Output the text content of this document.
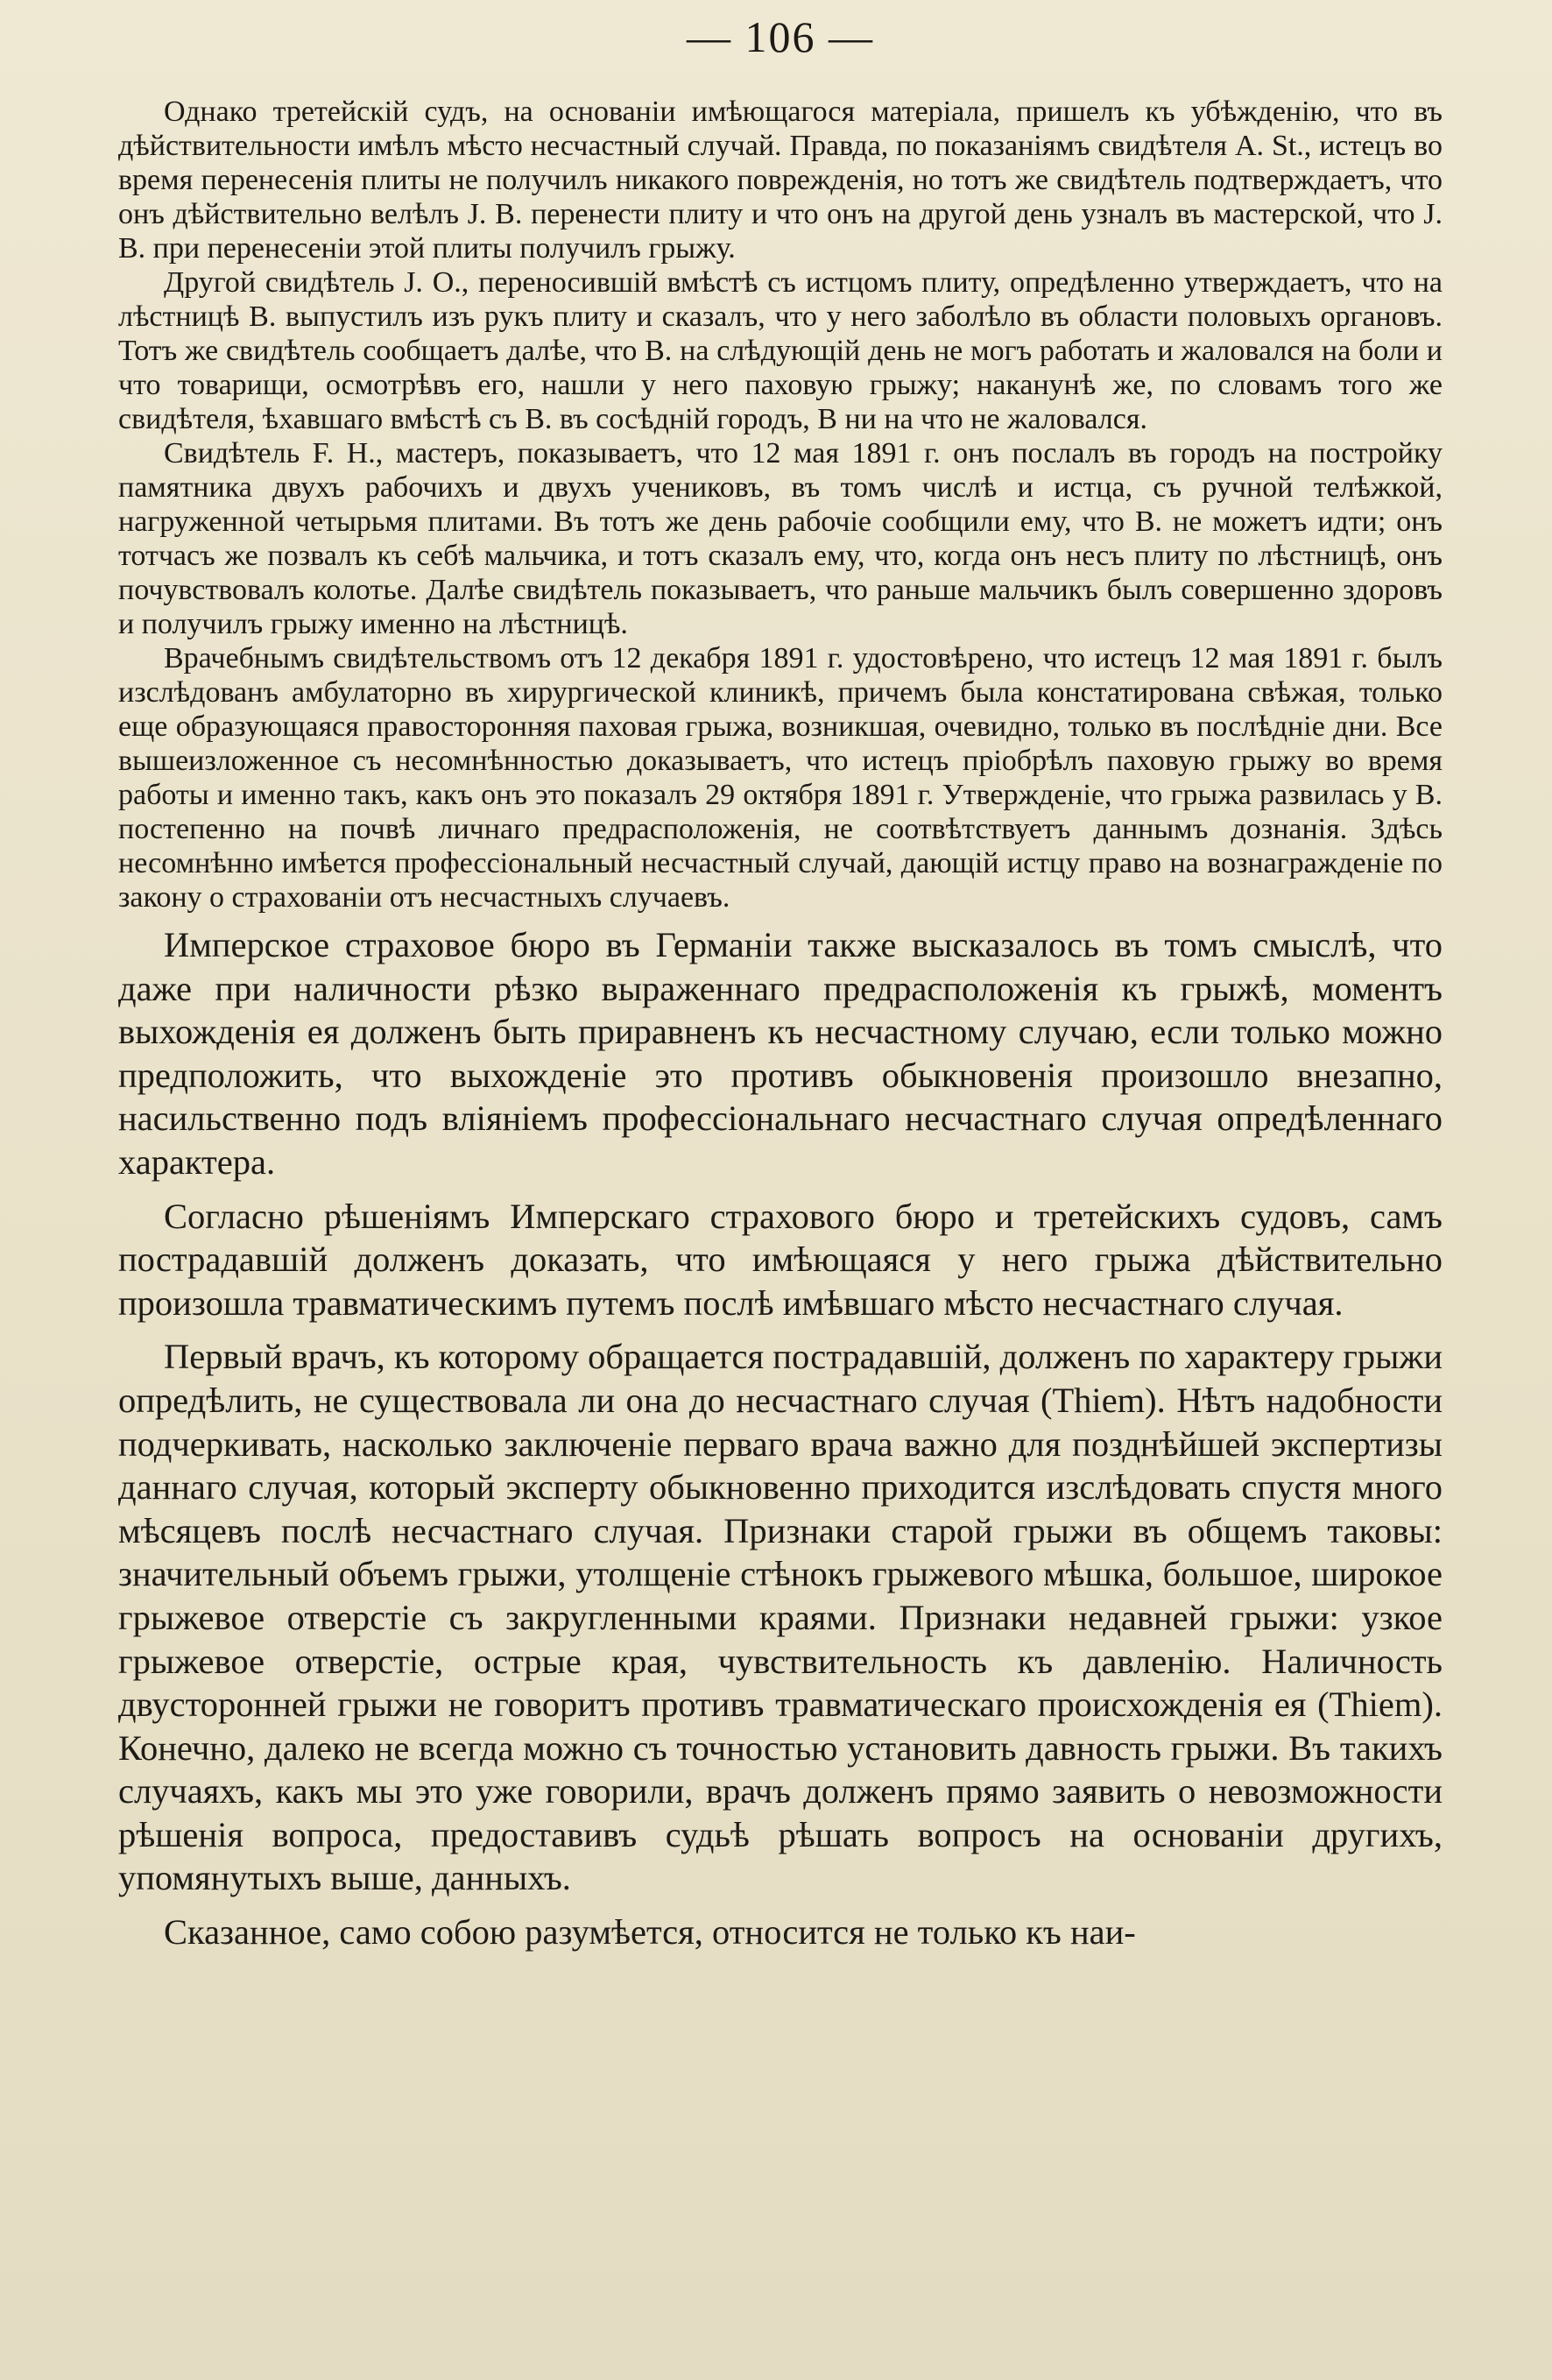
— 106 —

Однако третейскій судъ, на основаніи имѣющагося матеріала, пришелъ къ убѣжденію, что въ дѣйствительности имѣлъ мѣсто несчастный случай. Правда, по показаніямъ свидѣтеля A. St., истецъ во время перенесенія плиты не получилъ никакого поврежденія, но тотъ же свидѣтель подтверждаетъ, что онъ дѣйствительно велѣлъ J. B. перенести плиту и что онъ на другой день узналъ въ мастерской, что J. B. при перенесеніи этой плиты получилъ грыжу.

Другой свидѣтель J. O., переносившій вмѣстѣ съ истцомъ плиту, опредѣленно утверждаетъ, что на лѣстницѣ B. выпустилъ изъ рукъ плиту и сказалъ, что у него заболѣло въ области половыхъ органовъ. Тотъ же свидѣтель сообщаетъ далѣе, что B. на слѣдующій день не могъ работать и жаловался на боли и что товарищи, осмотрѣвъ его, нашли у него паховую грыжу; наканунѣ же, по словамъ того же свидѣтеля, ѣхавшаго вмѣстѣ съ B. въ сосѣдній городъ, B ни на что не жаловался.

Свидѣтель F. H., мастеръ, показываетъ, что 12 мая 1891 г. онъ послалъ въ городъ на постройку памятника двухъ рабочихъ и двухъ учениковъ, въ томъ числѣ и истца, съ ручной телѣжкой, нагруженной четырьмя плитами. Въ тотъ же день рабочіе сообщили ему, что B. не можетъ идти; онъ тотчасъ же позвалъ къ себѣ мальчика, и тотъ сказалъ ему, что, когда онъ несъ плиту по лѣстницѣ, онъ почувствовалъ колотье. Далѣе свидѣтель показываетъ, что раньше мальчикъ былъ совершенно здоровъ и получилъ грыжу именно на лѣстницѣ.

Врачебнымъ свидѣтельствомъ отъ 12 декабря 1891 г. удостовѣрено, что истецъ 12 мая 1891 г. былъ изслѣдованъ амбулаторно въ хирургической клиникѣ, причемъ была констатирована свѣжая, только еще образующаяся правосторонняя паховая грыжа, возникшая, очевидно, только въ послѣдніе дни. Все вышеизложенное съ несомнѣнностью доказываетъ, что истецъ пріобрѣлъ паховую грыжу во время работы и именно такъ, какъ онъ это показалъ 29 октября 1891 г. Утвержденіе, что грыжа развилась у B. постепенно на почвѣ личнаго предрасположенія, не соотвѣтствуетъ даннымъ дознанія. Здѣсь несомнѣнно имѣется профессіональный несчастный случай, дающій истцу право на вознагражденіе по закону о страхованіи отъ несчастныхъ случаевъ.

Имперское страховое бюро въ Германіи также высказалось въ томъ смыслѣ, что даже при наличности рѣзко выраженнаго предрасположенія къ грыжѣ, моментъ выхожденія ея долженъ быть приравненъ къ несчастному случаю, если только можно предположить, что выхожденіе это противъ обыкновенія произошло внезапно, насильственно подъ вліяніемъ профессіональнаго несчастнаго случая опредѣленнаго характера.

Согласно рѣшеніямъ Имперскаго страхового бюро и третейскихъ судовъ, самъ пострадавшій долженъ доказать, что имѣющаяся у него грыжа дѣйствительно произошла травматическимъ путемъ послѣ имѣвшаго мѣсто несчастнаго случая.

Первый врачъ, къ которому обращается пострадавшій, долженъ по характеру грыжи опредѣлить, не существовала ли она до несчастнаго случая (Thiem). Нѣтъ надобности подчеркивать, насколько заключеніе перваго врача важно для позднѣйшей экспертизы даннаго случая, который эксперту обыкновенно приходится изслѣдовать спустя много мѣсяцевъ послѣ несчастнаго случая. Признаки старой грыжи въ общемъ таковы: значительный объемъ грыжи, утолщеніе стѣнокъ грыжевого мѣшка, большое, широкое грыжевое отверстіе съ закругленными краями. Признаки недавней грыжи: узкое грыжевое отверстіе, острые края, чувствительность къ давленію. Наличность двусторонней грыжи не говоритъ противъ травматическаго происхожденія ея (Thiem). Конечно, далеко не всегда можно съ точностью установить давность грыжи. Въ такихъ случаяхъ, какъ мы это уже говорили, врачъ долженъ прямо заявить о невозможности рѣшенія вопроса, предоставивъ судьѣ рѣшать вопросъ на основаніи другихъ, упомянутыхъ выше, данныхъ.

Сказанное, само собою разумѣется, относится не только къ наи-
